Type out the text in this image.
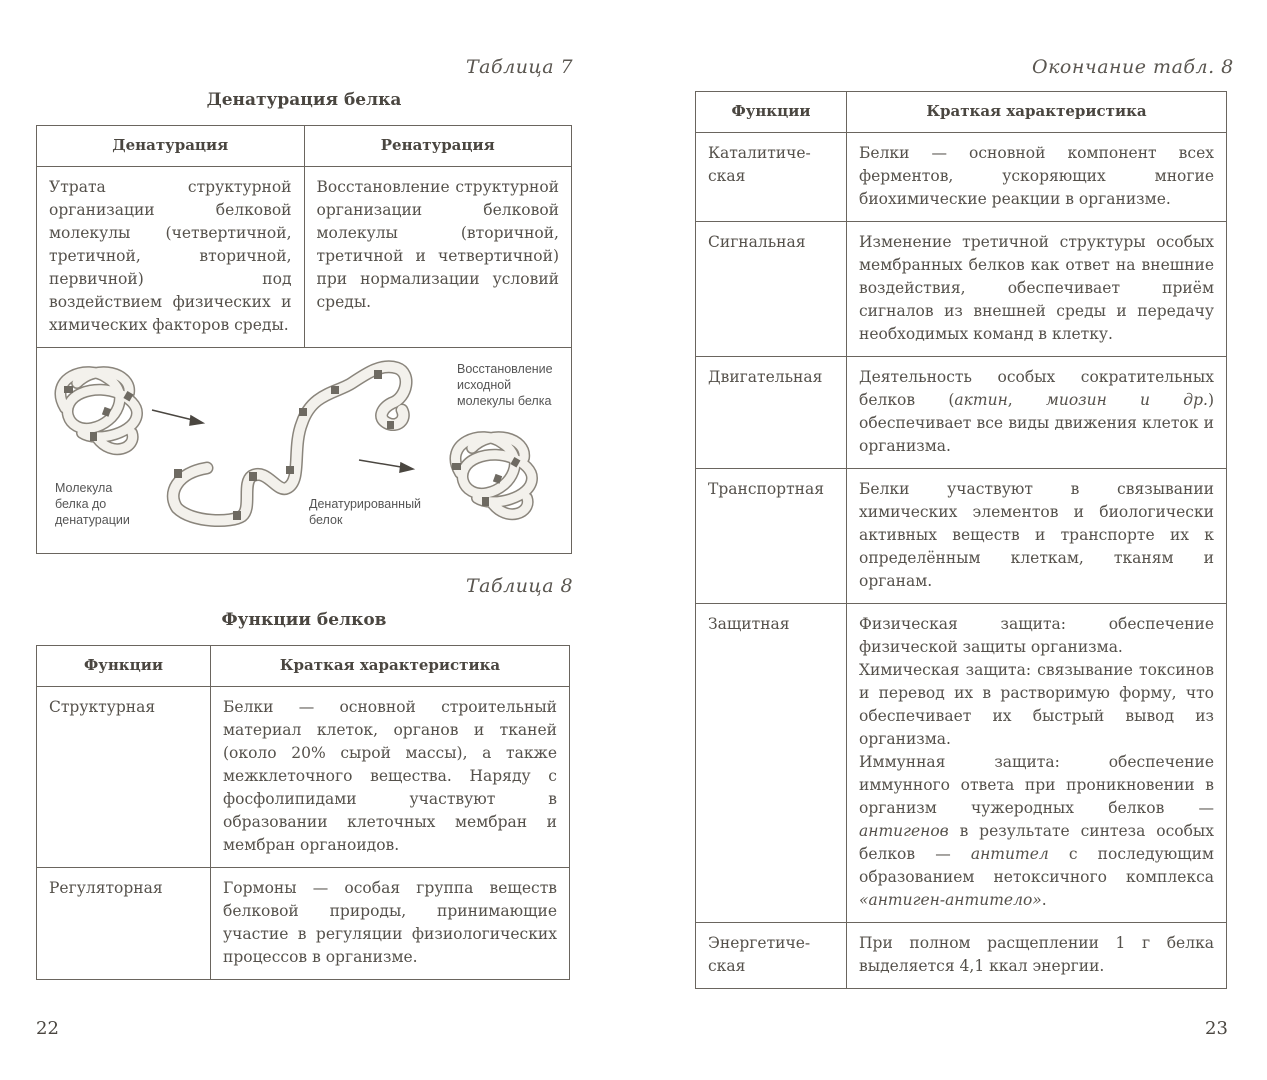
Таблица 7
Денатурация белка
Денатурация	Ренатурация
Утрата структурной организации белковой молекулы (четвертичной, третичной, вторичной, первичной) под воздействием физических и химических факторов среды.	Восстановление структурной организации белковой молекулы (вторичной, третичной и четвертичной) при нормализации условий среды.

Молекула
белка до
денатурации
Денатурированный
белок
Восстановление
исходной
молекулы белка
Таблица 8
Функции белков
Функции	Краткая характеристика
Структурная	Белки — основной строительный материал клеток, органов и тканей (около 20% сырой массы), а также межклеточного вещества. Наряду с фосфолипидами участвуют в образовании клеточных мембран и мембран органоидов.
Регуляторная	Гормоны — особая группа веществ белковой природы, принимающие участие в регуляции физиологических процессов в организме.
22
Окончание табл. 8
Функции	Краткая характеристика

Каталитиче-
ская	Белки — основной компонент всех ферментов, ускоряющих многие биохимические реакции в организме.
Сигнальная	Изменение третичной структуры особых мембранных белков как ответ на внешние воздействия, обеспечивает приём сигналов из внешней среды и передачу необходимых команд в клетку.
Двигательная	Деятельность особых сократительных белков (актин, миозин и др.) обеспечивает все виды движения клеток и организма.
Транспортная	Белки участвуют в связывании химических элементов и биологически активных веществ и транспорте их к определённым клеткам, тканям и органам.
Защитная	Физическая защита: обеспечение физической защиты организма.
Химическая защита: связывание токсинов и перевод их в растворимую форму, что обеспечивает их быстрый вывод из организма.
Иммунная защита: обеспечение иммунного ответа при проникновении в организм чужеродных белков — антигенов в результате синтеза особых белков — антител с последующим образованием нетоксичного комплекса «антиген-антитело».

Энергетиче-
ская	При полном расщеплении 1 г белка выделяется 4,1 ккал энергии.
23
